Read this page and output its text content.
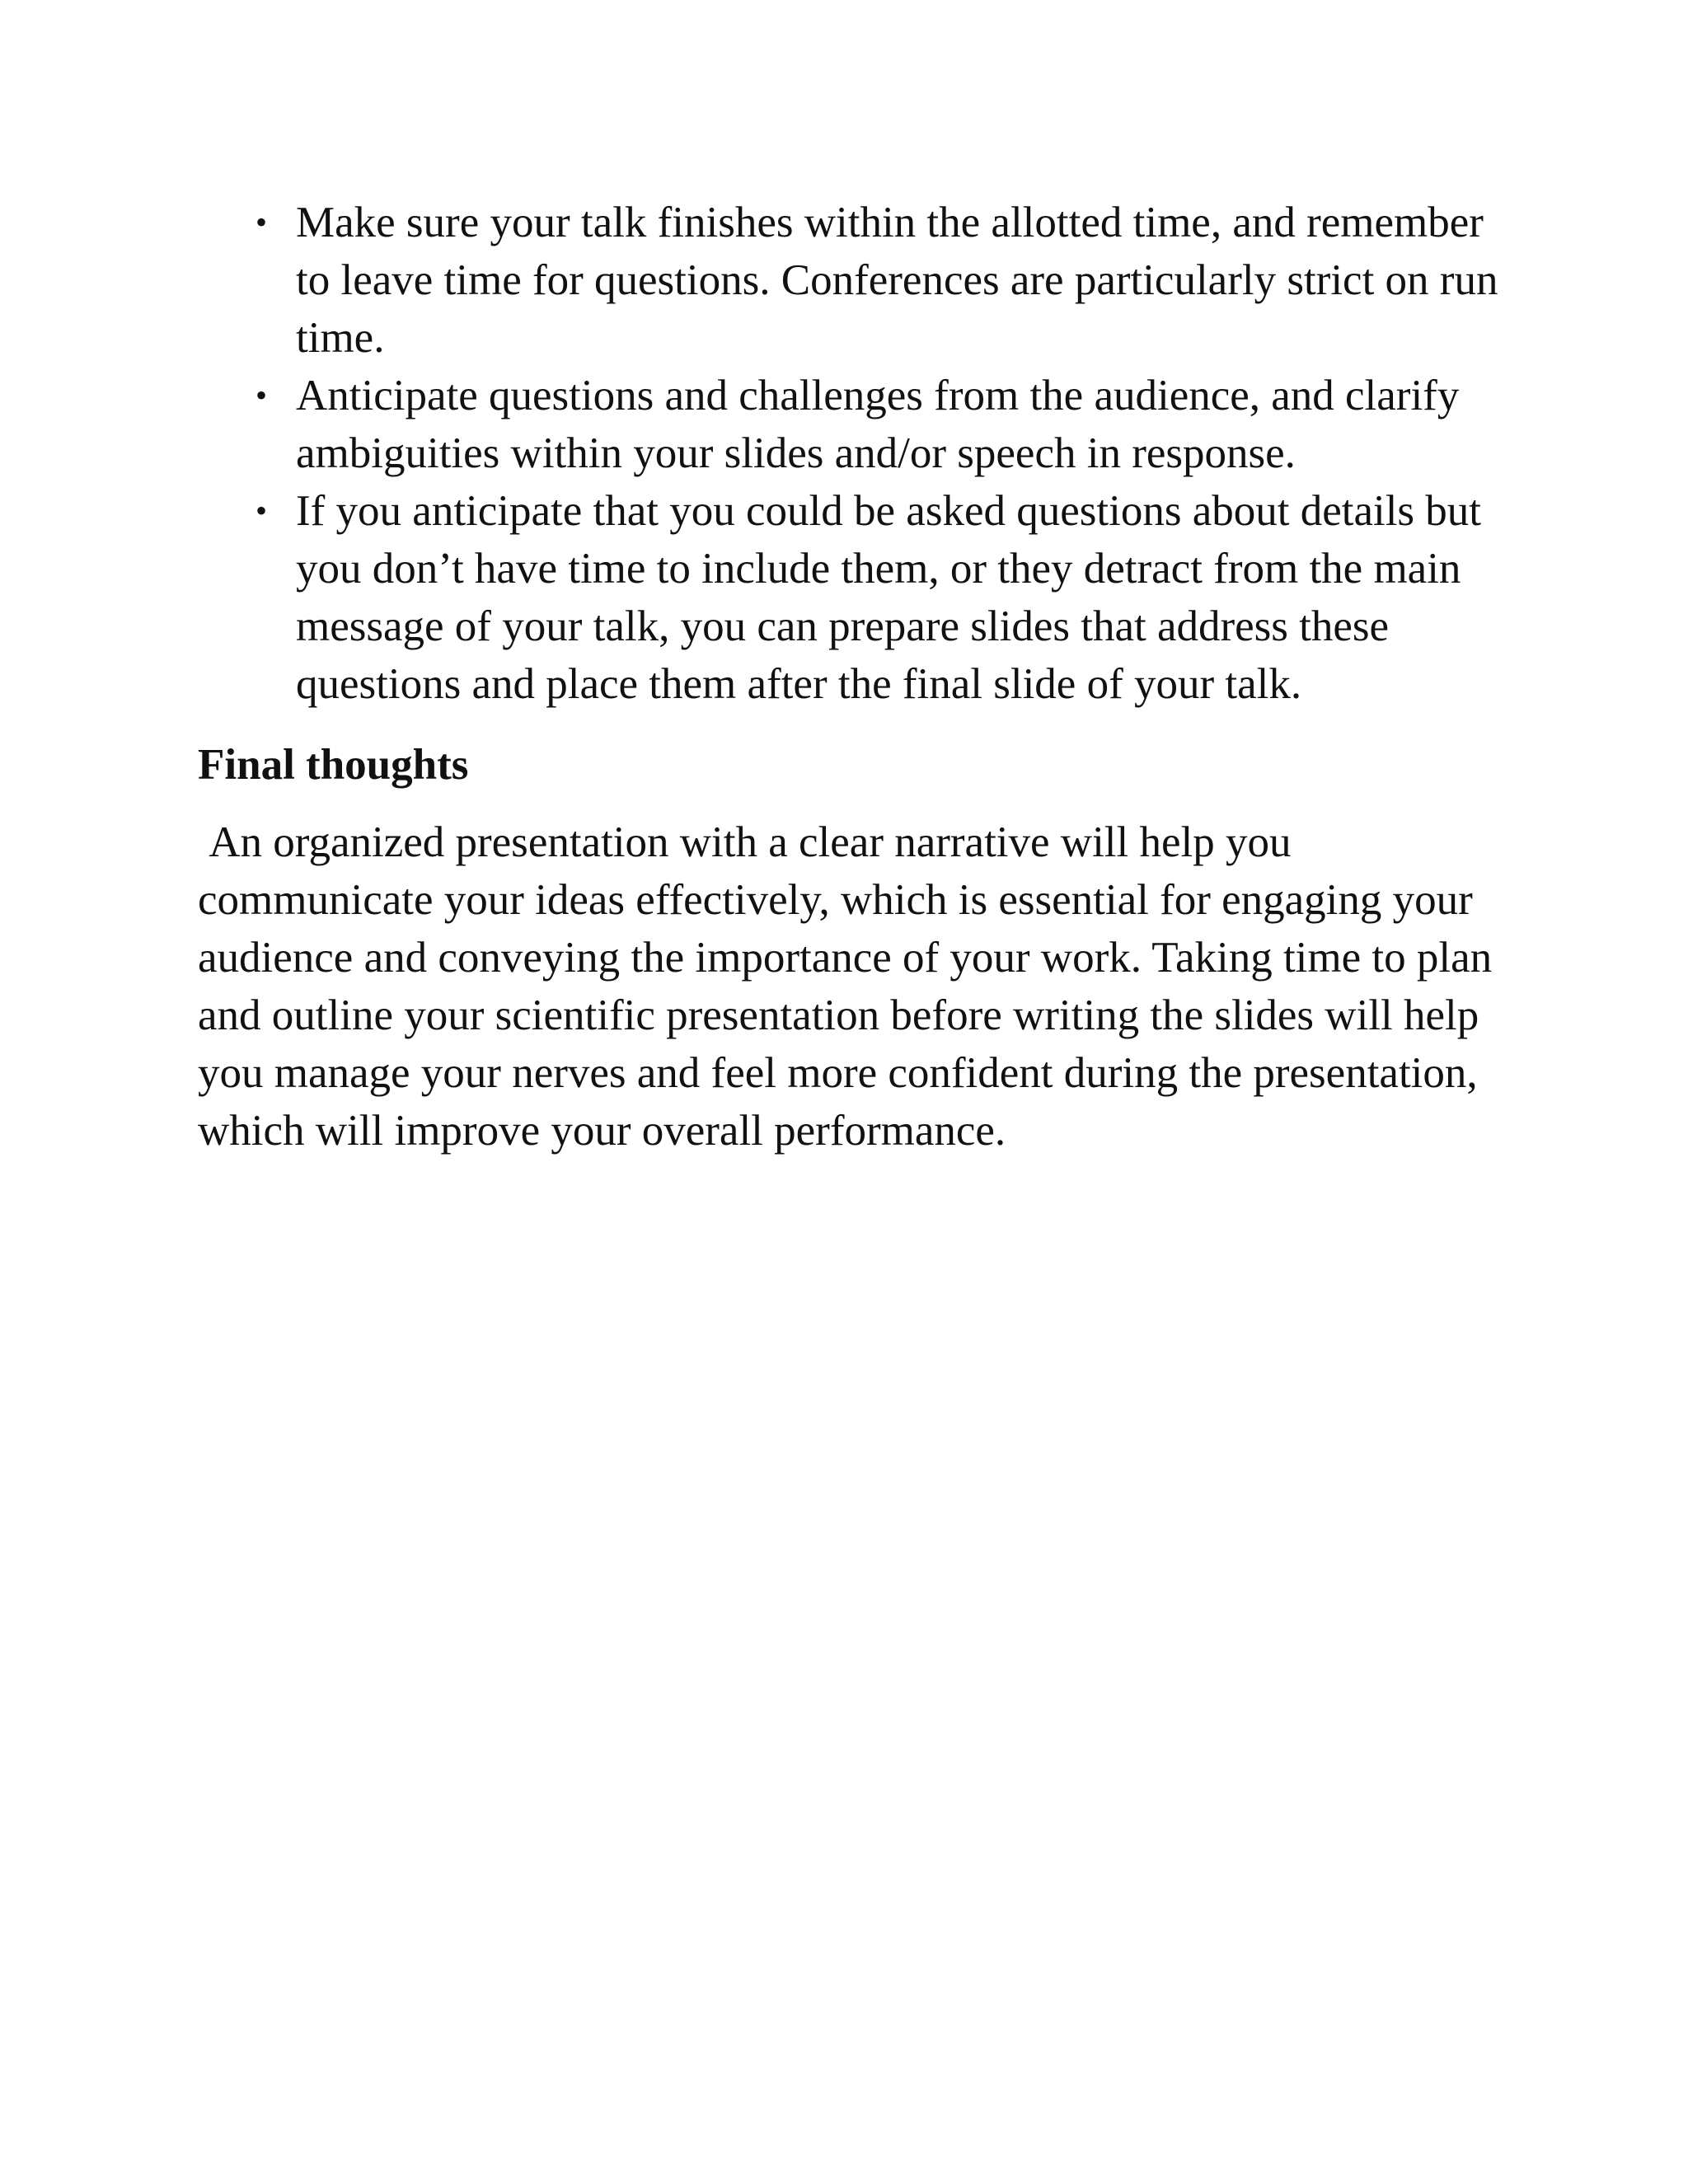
• Make sure your talk finishes within the allotted time, and remember to leave time for questions. Conferences are particularly strict on run time.
• Anticipate questions and challenges from the audience, and clarify ambiguities within your slides and/or speech in response.
• If you anticipate that you could be asked questions about details but you don’t have time to include them, or they detract from the main message of your talk, you can prepare slides that address these questions and place them after the final slide of your talk.
Final thoughts

An organized presentation with a clear narrative will help you communicate your ideas effectively, which is essential for engaging your audience and conveying the importance of your work. Taking time to plan and outline your scientific presentation before writing the slides will help you manage your nerves and feel more confident during the presentation, which will improve your overall performance.
